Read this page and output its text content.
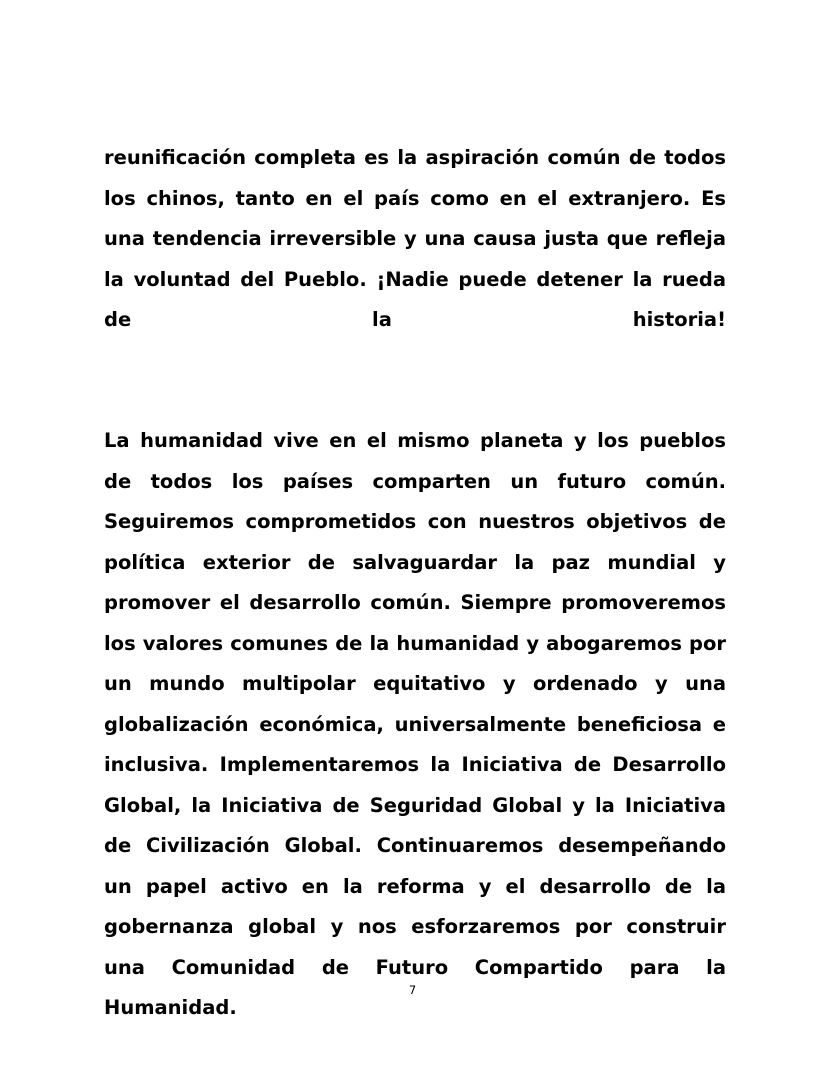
reunificación completa es la aspiración común de todos los chinos, tanto en el país como en el extranjero. Es una tendencia irreversible y una causa justa que refleja la voluntad del Pueblo. ¡Nadie puede detener la rueda de la historia!

La humanidad vive en el mismo planeta y los pueblos de todos los países comparten un futuro común. Seguiremos comprometidos con nuestros objetivos de política exterior de salvaguardar la paz mundial y promover el desarrollo común. Siempre promoveremos los valores comunes de la humanidad y abogaremos por un mundo multipolar equitativo y ordenado y una globalización económica, universalmente beneficiosa e inclusiva. Implementaremos la Iniciativa de Desarrollo Global, la Iniciativa de Seguridad Global y la Iniciativa de Civilización Global. Continuaremos desempeñando un papel activo en la reforma y el desarrollo de la gobernanza global y nos esforzaremos por construir una Comunidad de Futuro Compartido para la Humanidad.

7
